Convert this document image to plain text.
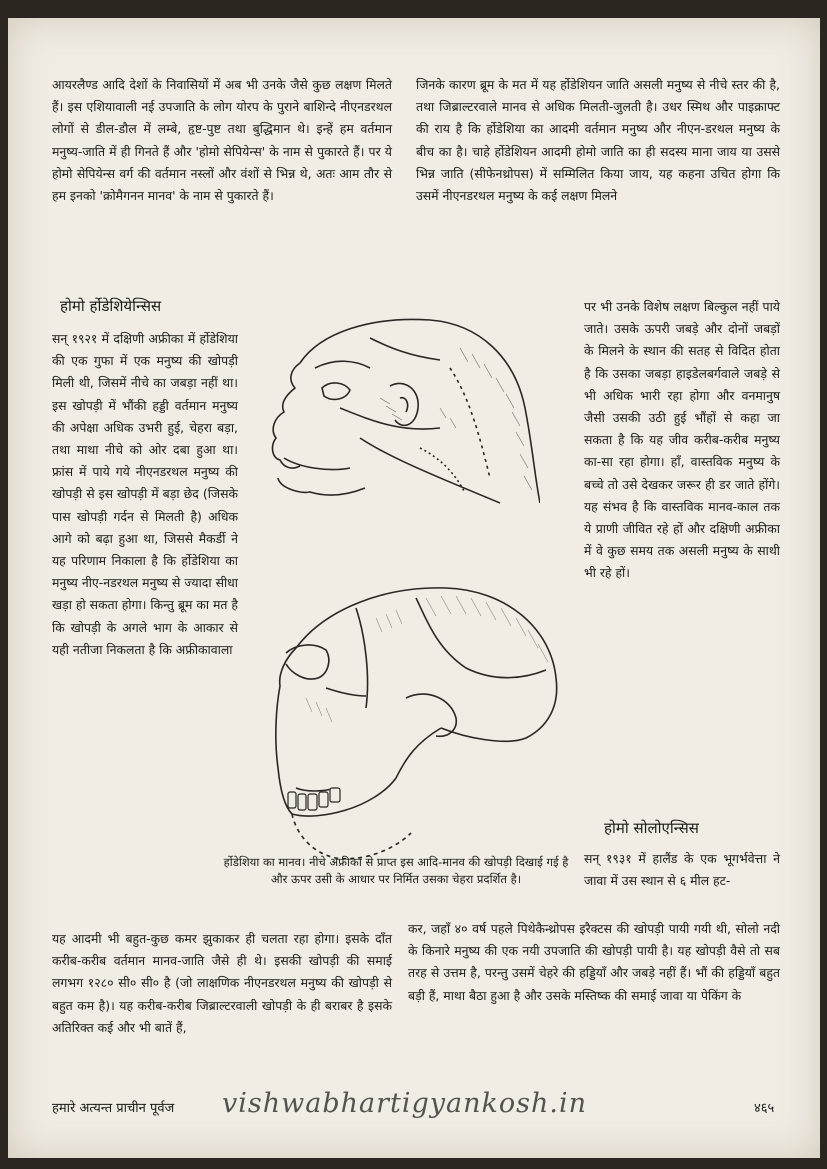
आयरलैण्ड आदि देशों के निवासियों में अब भी उनके जैसे कुछ लक्षण मिलते हैं। इस एशियावाली नई उपजाति के लोग योरप के पुराने बाशिन्दे नीएनडरथल लोगों से डील-डौल में लम्बे, हृष्ट-पुष्ट तथा बुद्धिमान थे। इन्हें हम वर्तमान मनुष्य-जाति में ही गिनते हैं और 'होमो सेपियेन्स' के नाम से पुकारते हैं। पर ये होमो सेपियेन्स वर्ग की वर्तमान नस्लों और वंशों से भिन्न थे, अतः आम तौर से हम इनको 'क्रोमैगनन मानव' के नाम से पुकारते हैं।

जिनके कारण ब्रूम के मत में यह र्होडेशियन जाति असली मनुष्य से नीचे स्तर की है, तथा जिब्राल्टरवाले मानव से अधिक मिलती-जुलती है। उधर स्मिथ और पाइक्राफ्ट की राय है कि र्होडेशिया का आदमी वर्तमान मनुष्य और नीएन-डरथल मनुष्य के बीच का है। चाहे र्होडेशियन आदमी होमो जाति का ही सदस्य माना जाय या उससे भिन्न जाति (सीफेनथ्रोपस) में सम्मिलित किया जाय, यह कहना उचित होगा कि उसमें नीएनडरथल मनुष्य के कई लक्षण मिलने

होमो र्होडेशियेन्सिस

सन् १९२१ में दक्षिणी अफ्रीका में र्होडेशिया की एक गुफा में एक मनुष्य की खोपड़ी मिली थी, जिसमें नीचे का जबड़ा नहीं था। इस खोपड़ी में भौंकी हड्डी वर्तमान मनुष्य की अपेक्षा अधिक उभरी हुई, चेहरा बड़ा, तथा माथा नीचे को ओर दबा हुआ था। फ्रांस में पाये गये नीएनडरथल मनुष्य की खोपड़ी से इस खोपड़ी में बड़ा छेद (जिसके पास खोपड़ी गर्दन से मिलती है) अधिक आगे को बढ़ा हुआ था, जिससे मैकर्डी ने यह परिणाम निकाला है कि र्होडेशिया का मनुष्य नीए-नडरथल मनुष्य से ज्यादा सीधा खड़ा हो सकता होगा। किन्तु ब्रूम का मत है कि खोपड़ी के अगले भाग के आकार से यही नतीजा निकलता है कि अफ्रीकावाला

पर भी उनके विशेष लक्षण बिल्कुल नहीं पाये जाते। उसके ऊपरी जबड़े और दोनों जबड़ों के मिलने के स्थान की सतह से विदित होता है कि उसका जबड़ा हाइडेलबर्गवाले जबड़े से भी अधिक भारी रहा होगा और वनमानुष जैसी उसकी उठी हुई भौंहों से कहा जा सकता है कि यह जीव करीब-करीब मनुष्य का-सा रहा होगा। हाँ, वास्तविक मनुष्य के बच्चे तो उसे देखकर जरूर ही डर जाते होंगे। यह संभव है कि वास्तविक मानव-काल तक ये प्राणी जीवित रहे हों और दक्षिणी अफ्रीका में वे कुछ समय तक असली मनुष्य के साथी भी रहे हों।

र्होडेशिया का मानव। नीचे अफ्रीका से प्राप्त इस आदि-मानव की खोपड़ी दिखाई गई है और ऊपर उसी के आधार पर निर्मित उसका चेहरा प्रदर्शित है।

होमो सोलोएन्सिस

सन् १९३१ में हालैंड के एक भूगर्भवेत्ता ने जावा में उस स्थान से ६ मील हट-

यह आदमी भी बहुत-कुछ कमर झुकाकर ही चलता रहा होगा। इसके दाँत करीब-करीब वर्तमान मानव-जाति जैसे ही थे। इसकी खोपड़ी की समाई लगभग १२८० सी० सी० है (जो लाक्षणिक नीएनडरथल मनुष्य की खोपड़ी से बहुत कम है)। यह करीब-करीब जिब्राल्टरवाली खोपड़ी के ही बराबर है इसके अतिरिक्त कई और भी बातें हैं,

कर, जहाँ ४० वर्ष पहले पिथेकैन्थ्रोपस इरैक्टस की खोपड़ी पायी गयी थी, सोलो नदी के किनारे मनुष्य की एक नयी उपजाति की खोपड़ी पायी है। यह खोपड़ी वैसे तो सब तरह से उत्तम है, परन्तु उसमें चेहरे की हड्डियाँ और जबड़े नहीं हैं। भौं की हड्डियाँ बहुत बड़ी हैं, माथा बैठा हुआ है और उसके मस्तिष्क की समाई जावा या पेकिंग के

हमारे अत्यन्त प्राचीन पूर्वज vishwabhartigyankosh.in	४६५
